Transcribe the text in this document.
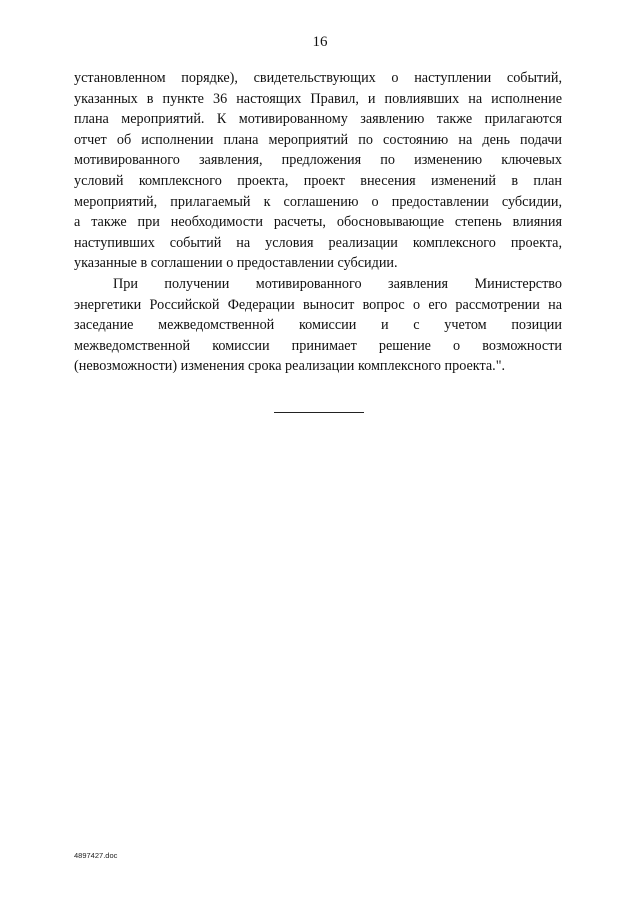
16
установленном порядке), свидетельствующих о наступлении событий,
указанных в пункте 36 настоящих Правил, и повлиявших на исполнение
плана мероприятий. К мотивированному заявлению также прилагаются
отчет об исполнении плана мероприятий по состоянию на день подачи
мотивированного заявления, предложения по изменению ключевых
условий комплексного проекта, проект внесения изменений в план
мероприятий, прилагаемый к соглашению о предоставлении субсидии,
а также при необходимости расчеты, обосновывающие степень влияния
наступивших событий на условия реализации комплексного проекта,
указанные в соглашении о предоставлении субсидии.
При получении мотивированного заявления Министерство
энергетики Российской Федерации выносит вопрос о его рассмотрении на
заседание межведомственной комиссии и с учетом позиции
межведомственной комиссии принимает решение о возможности
(невозможности) изменения срока реализации комплексного проекта.".
4897427.doc
